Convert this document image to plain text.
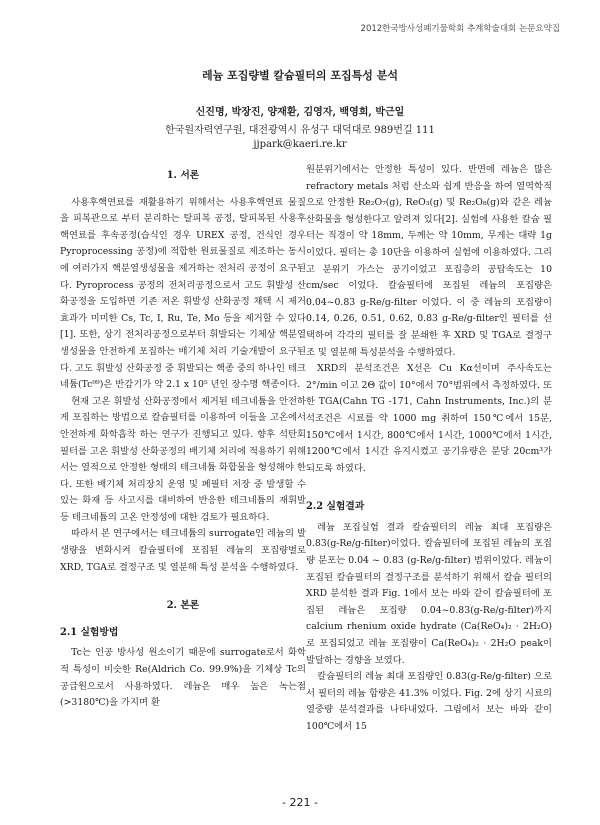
2012한국방사성폐기물학회 추계학술대회 논문요약집
레늄 포집량별 칼슘필터의 포집특성 분석
신진명, 박장진, 양재환, 김영자, 백영희, 박근일
한국원자력연구원, 대전광역시 유성구 대덕대로 989번길 111
jjpark@kaeri.re.kr
1. 서론

사용후핵연료를 재활용하기 위해서는 사용후핵연료 물질을 피복관으로 부터 분리하는 탈피복 공정, 탈피복된 사용후핵연료를 후속공정(습식인 경우 UREX 공정, 건식인 경우 Pyroprocessing 공정)에 적합한 원료물질로 제조하는 동시에 여러가지 핵분열생성물을 제거하는 전처리 공정이 요구된다. Pyroprocess 공정의 전처리공정으로서 고도 휘발성 산화공정을 도입하면 기존 저온 휘발성 산화공정 채택 시 제거효과가 미미한 Cs, Tc, I, Ru, Te, Mo 등을 제거할 수 있다[1]. 또한, 상기 전처리공정으로부터 휘발되는 기체상 핵분열생성물을 안전하게 포집하는 배기체 처리 기술개발이 요구된다. 고도 휘발성 산화공정 중 휘발되는 핵종 중의 하나인 테크네튬(Tc⁹⁹)은 반감기가 약 2.1 x 10⁵ 년인 장수명 핵종이다.

현재 고온 휘발성 산화공정에서 제거된 테크네튬을 안전하게 포집하는 방법으로 칼슘필터를 이용하여 이들을 고온에서 안전하게 화학흡착 하는 연구가 진행되고 있다. 향후 석탄회 필터를 고온 휘발성 산화공정의 배기체 처리에 적용하기 위해서는 열적으로 안정한 형태의 테크네튬 화합물을 형성해야 한다. 또한 배기체 처리장치 운영 및 폐필터 저장 중 발생할 수 있는 화재 등 사고시를 대비하여 반응한 테크네튬의 재휘발 등 테크네튬의 고온 안정성에 대한 검토가 필요하다.

따라서 본 연구에서는 테크네튬의 surrogate인 레늄의 발생량을 변화시켜 칼슘필터에 포집된 레늄의 포집량별로 XRD, TGA로 결정구조 및 열분해 특성 분석을 수행하였다.

2. 본론
2.1 실험방법

Tc는 인공 방사성 원소이기 때문에 surrogate로서 화학적 특성이 비슷한 Re(Aldrich Co. 99.9%)을 기체상 Tc의 공급원으로서 사용하였다. 레늄은 매우 높은 녹는점(>3180℃)을 가지며 환

원분위기에서는 안정한 특성이 있다. 반면에 레늄은 많은 refractory metals 처럼 산소와 쉽게 반응을 하여 열역학적으로 안정한 Re₂O₇(g), ReO₃(g) 및 Re₂O₈(g)와 같은 레늄산화물을 형성한다고 알려져 있다[2]. 실험에 사용한 칼슘 필터는 직경이 약 18mm, 두께는 약 10mm, 무게는 대략 1g이었다. 필터는 총 10단을 이용하여 실험에 이용하였다. 그리고 분위기 가스는 공기이었고 포집층의 공탑속도는 10 cm/sec 이었다. 칼슘필터에 포집된 레늄의 포집량은 0.04~0.83 g-Re/g-filter 이었다. 이 중 레늄의 포집량이 0.14, 0.26, 0.51, 0.62, 0.83 g-Re/g-filter인 필터를 선택하여 각각의 필터를 잘 분쇄한 후 XRD 및 TGA로 결정구조 및 열분해 특성분석을 수행하였다.

XRD의 분석조건은 X선은 Cu Kα선이며 주사속도는 2°/min 이고 2Θ 값이 10°에서 70°범위에서 측정하였다. 또한 TGA(Cahn TG -171, Cahn Instruments, Inc.)의 분석조건은 시료를 약 1000 mg 취하여 150℃에서 15분, 150℃에서 1시간, 800℃에서 1시간, 1000℃에서 1시간, 1200℃에서 1시간 유지시켰고 공기유량은 분당 20cm³가 되도록 하였다.

2.2 실험결과

레늄 포집실험 결과 칼슘필터의 레늄 최대 포집량은 0.83(g-Re/g-filter)이었다. 칼슘필터에 포집된 레늄의 포집량 분포는 0.04 ~ 0.83 (g-Re/g-filter) 범위이었다. 레늄이 포집된 칼슘필터의 결정구조를 분석하기 위해서 칼슘 필터의 XRD 분석한 결과 Fig. 1에서 보는 바와 같이 칼슘필터에 포집된 레늄은 포집량 0.04~0.83(g-Re/g-filter)까지 calcium rhenium oxide hydrate (Ca(ReO₄)₂ · 2H₂O)로 포집되었고 레늄 포집량이 Ca(ReO₄)₂ · 2H₂O peak이 발달하는 경향을 보였다.

칼슘필터의 레늄 최대 포집량인 0.83(g-Re/g-filter) 으로서 필터의 레늄 함량은 41.3% 이었다. Fig. 2에 상기 시료의 열중량 분석결과를 나타내었다. 그림에서 보는 바와 같이 100℃에서 15

- 221 -
